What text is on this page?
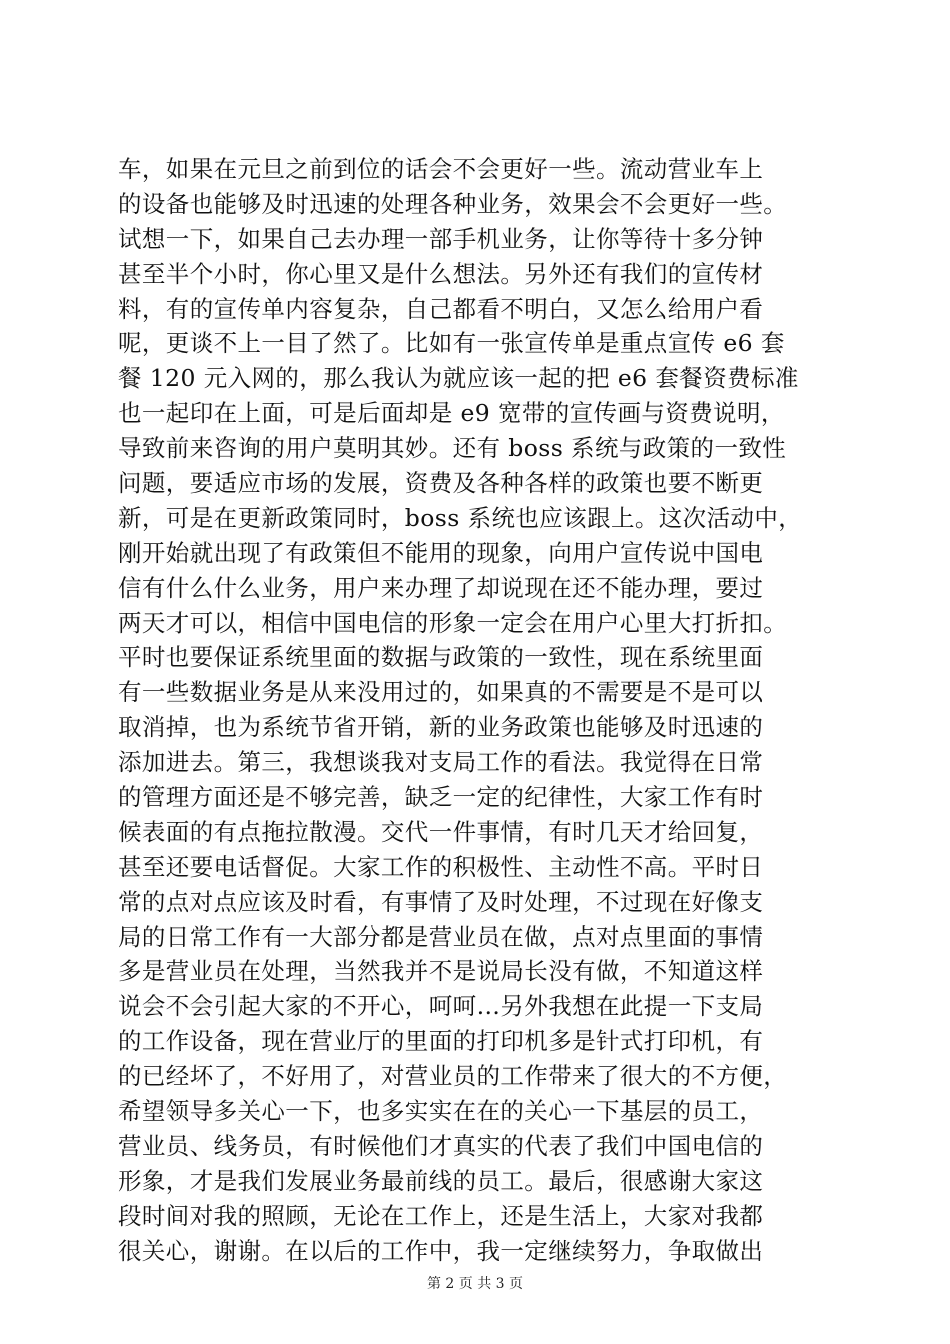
车，如果在元旦之前到位的话会不会更好一些。流动营业车上
的设备也能够及时迅速的处理各种业务，效果会不会更好一些。
试想一下，如果自己去办理一部手机业务，让你等待十多分钟
甚至半个小时，你心里又是什么想法。另外还有我们的宣传材
料，有的宣传单内容复杂，自己都看不明白，又怎么给用户看
呢，更谈不上一目了然了。比如有一张宣传单是重点宣传 e6 套
餐 120 元入网的，那么我认为就应该一起的把 e6 套餐资费标准
也一起印在上面，可是后面却是 e9 宽带的宣传画与资费说明，
导致前来咨询的用户莫明其妙。还有 boss 系统与政策的一致性
问题，要适应市场的发展，资费及各种各样的政策也要不断更
新，可是在更新政策同时，boss 系统也应该跟上。这次活动中，
刚开始就出现了有政策但不能用的现象，向用户宣传说中国电
信有什么什么业务，用户来办理了却说现在还不能办理，要过
两天才可以，相信中国电信的形象一定会在用户心里大打折扣。
平时也要保证系统里面的数据与政策的一致性，现在系统里面
有一些数据业务是从来没用过的，如果真的不需要是不是可以
取消掉，也为系统节省开销，新的业务政策也能够及时迅速的
添加进去。第三，我想谈我对支局工作的看法。我觉得在日常
的管理方面还是不够完善，缺乏一定的纪律性，大家工作有时
候表面的有点拖拉散漫。交代一件事情，有时几天才给回复，
甚至还要电话督促。大家工作的积极性、主动性不高。平时日
常的点对点应该及时看，有事情了及时处理，不过现在好像支
局的日常工作有一大部分都是营业员在做，点对点里面的事情
多是营业员在处理，当然我并不是说局长没有做，不知道这样
说会不会引起大家的不开心，呵呵…另外我想在此提一下支局
的工作设备，现在营业厅的里面的打印机多是针式打印机，有
的已经坏了，不好用了，对营业员的工作带来了很大的不方便，
希望领导多关心一下，也多实实在在的关心一下基层的员工，
营业员、线务员，有时候他们才真实的代表了我们中国电信的
形象，才是我们发展业务最前线的员工。最后，很感谢大家这
段时间对我的照顾，无论在工作上，还是生活上，大家对我都
很关心，谢谢。在以后的工作中，我一定继续努力，争取做出
第 2 页 共 3 页
